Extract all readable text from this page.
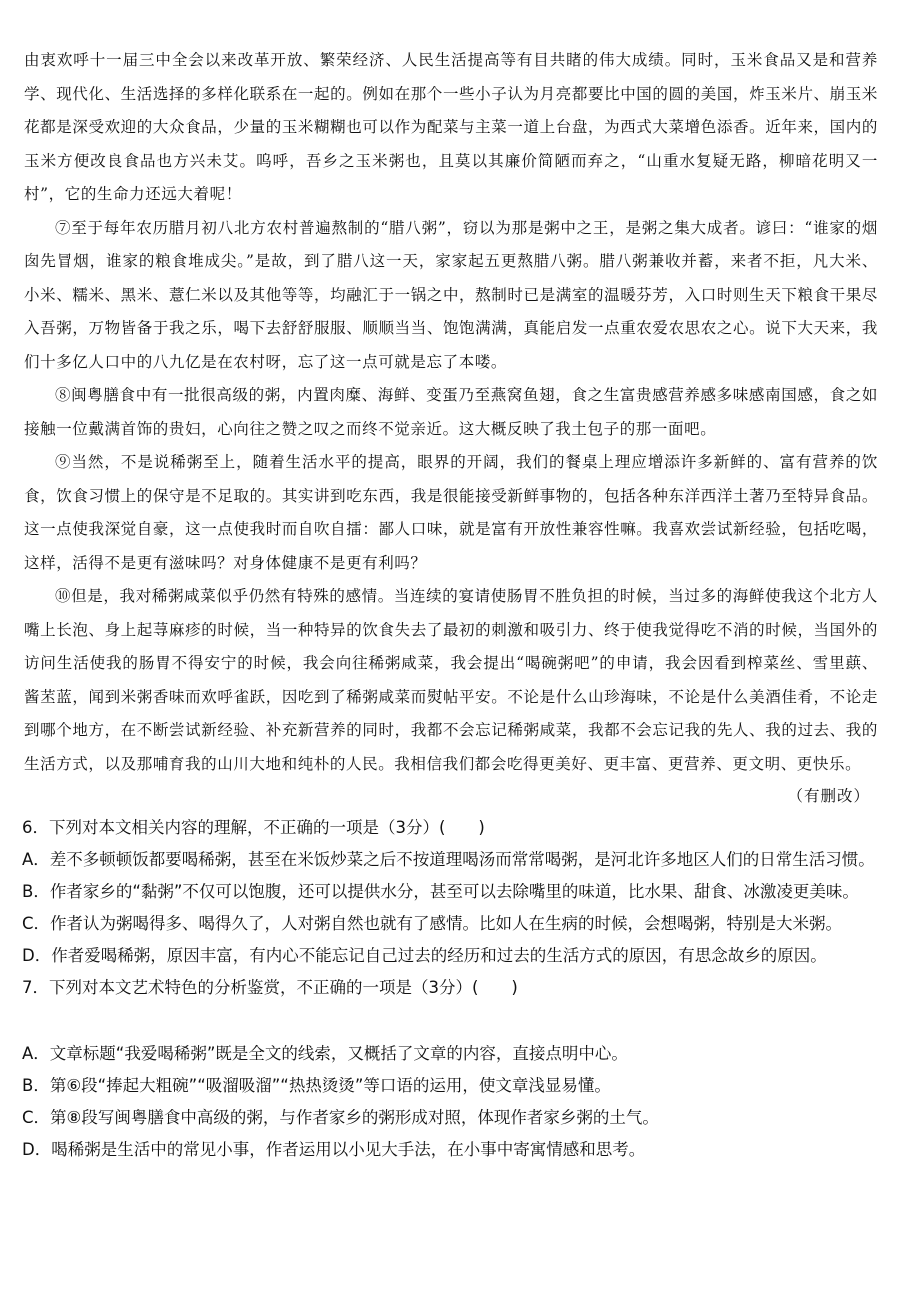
由衷欢呼十一届三中全会以来改革开放、繁荣经济、人民生活提高等有目共睹的伟大成绩。同时，玉米食品又是和营养学、现代化、生活选择的多样化联系在一起的。例如在那个一些小子认为月亮都要比中国的圆的美国，炸玉米片、崩玉米花都是深受欢迎的大众食品，少量的玉米糊糊也可以作为配菜与主菜一道上台盘，为西式大菜增色添香。近年来，国内的玉米方便改良食品也方兴未艾。呜呼，吾乡之玉米粥也，且莫以其廉价简陋而弃之，“山重水复疑无路，柳暗花明又一村”，它的生命力还远大着呢！

⑦至于每年农历腊月初八北方农村普遍熬制的“腊八粥”，窃以为那是粥中之王，是粥之集大成者。谚曰：“谁家的烟囱先冒烟，谁家的粮食堆成尖。”是故，到了腊八这一天，家家起五更熬腊八粥。腊八粥兼收并蓄，来者不拒，凡大米、小米、糯米、黑米、薏仁米以及其他等等，均融汇于一锅之中，熬制时已是满室的温暖芬芳，入口时则生天下粮食干果尽入吾粥，万物皆备于我之乐，喝下去舒舒服服、顺顺当当、饱饱满满，真能启发一点重农爱农思农之心。说下大天来，我们十多亿人口中的八九亿是在农村呀，忘了这一点可就是忘了本喽。

⑧闽粤膳食中有一批很高级的粥，内置肉糜、海鲜、变蛋乃至燕窝鱼翅，食之生富贵感营养感多味感南国感，食之如接触一位戴满首饰的贵妇，心向往之赞之叹之而终不觉亲近。这大概反映了我土包子的那一面吧。

⑨当然，不是说稀粥至上，随着生活水平的提高，眼界的开阔，我们的餐桌上理应增添许多新鲜的、富有营养的饮食，饮食习惯上的保守是不足取的。其实讲到吃东西，我是很能接受新鲜事物的，包括各种东洋西洋土著乃至特异食品。这一点使我深觉自豪，这一点使我时而自吹自擂：鄙人口味，就是富有开放性兼容性嘛。我喜欢尝试新经验，包括吃喝，这样，活得不是更有滋味吗？对身体健康不是更有利吗？

⑩但是，我对稀粥咸菜似乎仍然有特殊的感情。当连续的宴请使肠胃不胜负担的时候，当过多的海鲜使我这个北方人嘴上长泡、身上起荨麻疹的时候，当一种特异的饮食失去了最初的刺激和吸引力、终于使我觉得吃不消的时候，当国外的访问生活使我的肠胃不得安宁的时候，我会向往稀粥咸菜，我会提出“喝碗粥吧”的申请，我会因看到榨菜丝、雪里蕻、酱苤蓝，闻到米粥香味而欢呼雀跃，因吃到了稀粥咸菜而熨帖平安。不论是什么山珍海味，不论是什么美酒佳肴，不论走到哪个地方，在不断尝试新经验、补充新营养的同时，我都不会忘记稀粥咸菜，我都不会忘记我的先人、我的过去、我的生活方式，以及那哺育我的山川大地和纯朴的人民。我相信我们都会吃得更美好、更丰富、更营养、更文明、更快乐。

（有删改）

6．下列对本文相关内容的理解，不正确的一项是（3分）(　　)

A．差不多顿顿饭都要喝稀粥，甚至在米饭炒菜之后不按道理喝汤而常常喝粥，是河北许多地区人们的日常生活习惯。

B．作者家乡的“黏粥”不仅可以饱腹，还可以提供水分，甚至可以去除嘴里的味道，比水果、甜食、冰激凌更美味。

C．作者认为粥喝得多、喝得久了，人对粥自然也就有了感情。比如人在生病的时候，会想喝粥，特别是大米粥。

D．作者爱喝稀粥，原因丰富，有内心不能忘记自己过去的经历和过去的生活方式的原因，有思念故乡的原因。

7．下列对本文艺术特色的分析鉴赏，不正确的一项是（3分）(　　)

A．文章标题“我爱喝稀粥”既是全文的线索，又概括了文章的内容，直接点明中心。

B．第⑥段“捧起大粗碗”“吸溜吸溜”“热热烫烫”等口语的运用，使文章浅显易懂。

C．第⑧段写闽粤膳食中高级的粥，与作者家乡的粥形成对照，体现作者家乡粥的土气。

D．喝稀粥是生活中的常见小事，作者运用以小见大手法，在小事中寄寓情感和思考。
